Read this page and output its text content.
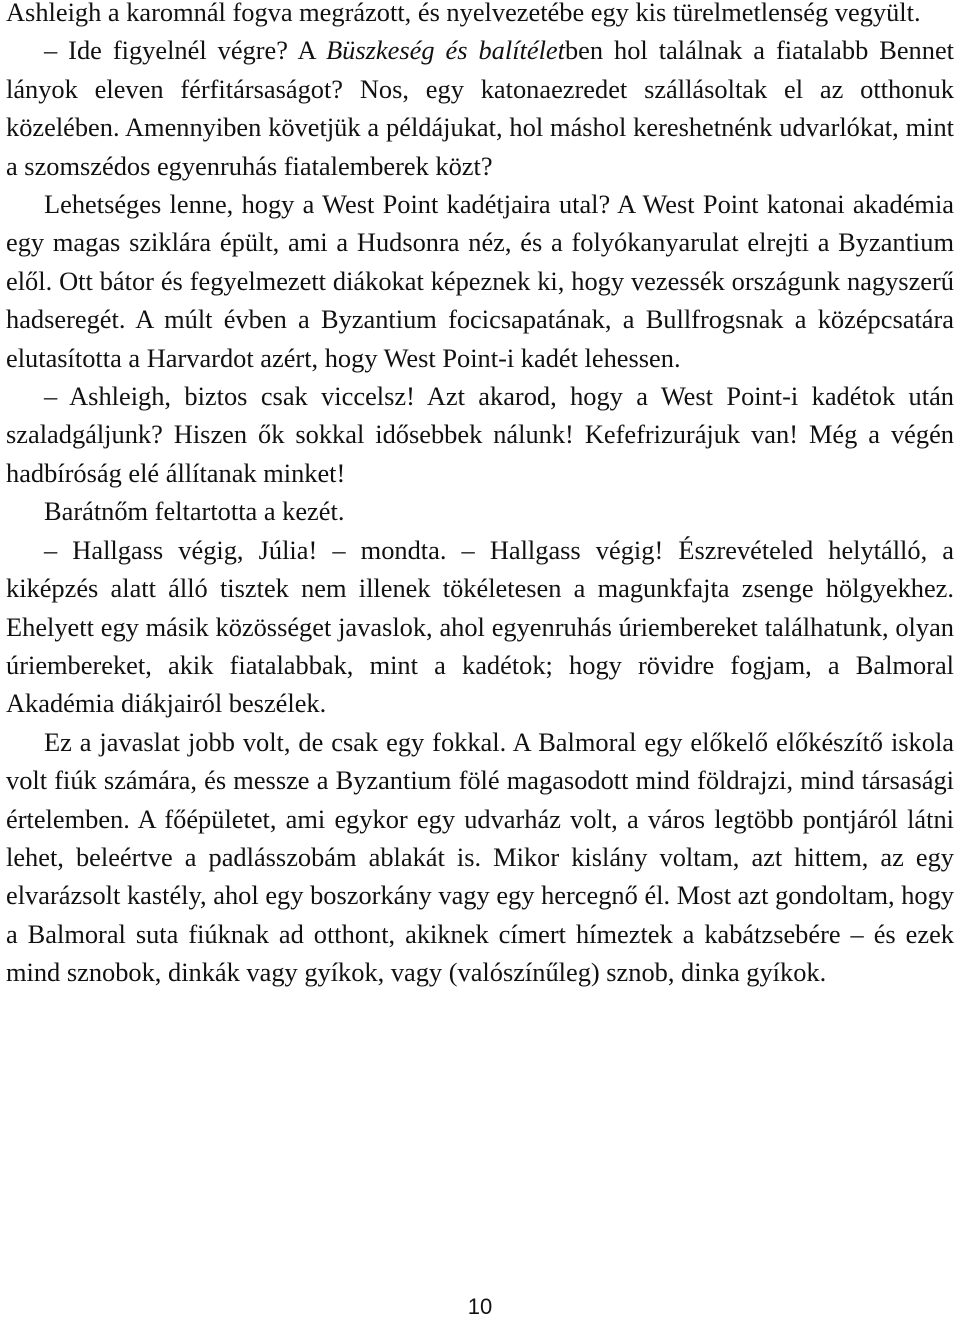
Ashleigh a karomnál fogva megrázott, és nyelvezetébe egy kis türelmetlenség vegyült.

– Ide figyelnél végre? A Büszkeség és balítéletben hol találnak a fiatalabb Bennet lányok eleven férfitársaságot? Nos, egy katonaezredet szállásoltak el az otthonuk közelében. Amennyiben követjük a példájukat, hol máshol kereshetnénk udvarlókat, mint a szomszédos egyenruhás fiatalemberek közt?

Lehetséges lenne, hogy a West Point kadétjaira utal? A West Point katonai akadémia egy magas sziklára épült, ami a Hudsonra néz, és a folyókanyarulat elrejti a Byzantium elől. Ott bátor és fegyelmezett diákokat képeznek ki, hogy vezessék országunk nagyszerű hadseregét. A múlt évben a Byzantium focicsapatának, a Bullfrogsnak a középcsatára elutasította a Harvardot azért, hogy West Point-i kadét lehessen.

– Ashleigh, biztos csak viccelsz! Azt akarod, hogy a West Point-i kadétok után szaladgáljunk? Hiszen ők sokkal idősebbek nálunk! Kefefrizurájuk van! Még a végén hadbíróság elé állítanak minket!

Barátnőm feltartotta a kezét.

– Hallgass végig, Júlia! – mondta. – Hallgass végig! Észrevételed helytálló, a kiképzés alatt álló tisztek nem illenek tökéletesen a magunkfajta zsenge hölgyekhez. Ehelyett egy másik közösséget javaslok, ahol egyenruhás úriembereket találhatunk, olyan úriembereket, akik fiatalabbak, mint a kadétok; hogy rövidre fogjam, a Balmoral Akadémia diákjairól beszélek.

Ez a javaslat jobb volt, de csak egy fokkal. A Balmoral egy előkelő előkészítő iskola volt fiúk számára, és messze a Byzantium fölé magasodott mind földrajzi, mind társasági értelemben. A főépületet, ami egykor egy udvarház volt, a város legtöbb pontjáról látni lehet, beleértve a padlásszobám ablakát is. Mikor kislány voltam, azt hittem, az egy elvarázsolt kastély, ahol egy boszorkány vagy egy hercegnő él. Most azt gondoltam, hogy a Balmoral suta fiúknak ad otthont, akiknek címert hímeztek a kabátzsebére – és ezek mind sznobok, dinkák vagy gyíkok, vagy (valószínűleg) sznob, dinka gyíkok.

10
